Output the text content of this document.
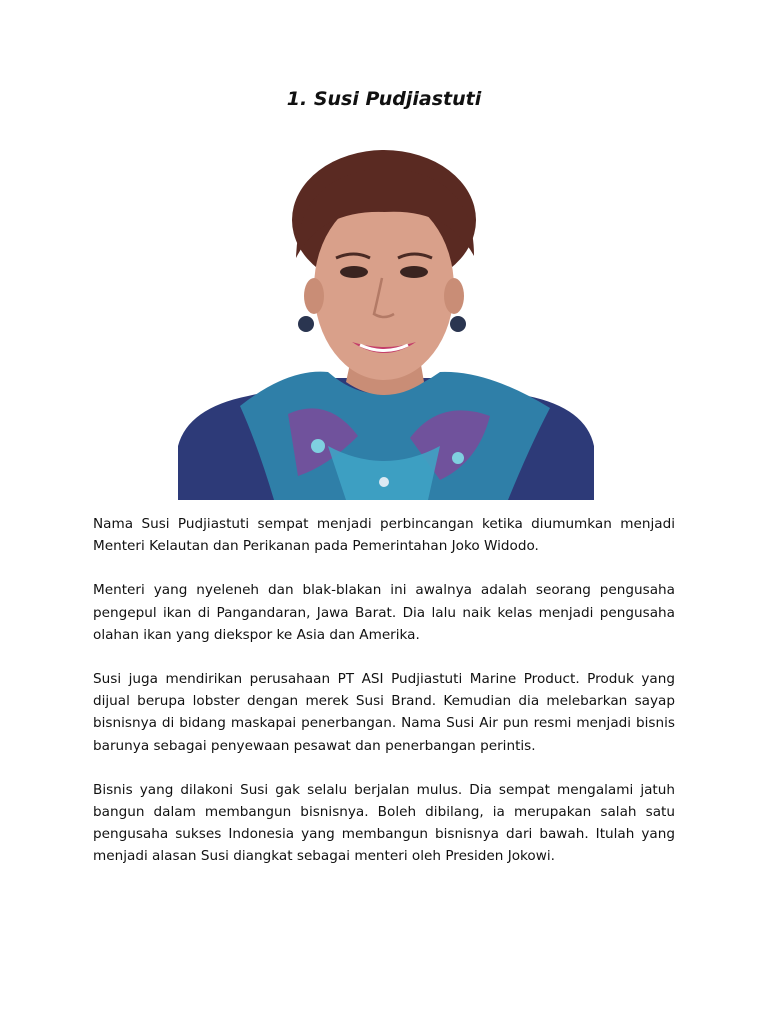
1. Susi Pudjiastuti

Nama Susi Pudjiastuti sempat menjadi perbincangan ketika diumumkan menjadi Menteri Kelautan dan Perikanan pada Pemerintahan Joko Widodo.

Menteri yang nyeleneh dan blak-blakan ini awalnya adalah seorang pengusaha pengepul ikan di Pangandaran, Jawa Barat. Dia lalu naik kelas menjadi pengusaha olahan ikan yang diekspor ke Asia dan Amerika.

Susi juga mendirikan perusahaan PT ASI Pudjiastuti Marine Product. Produk yang dijual berupa lobster dengan merek Susi Brand. Kemudian dia melebarkan sayap bisnisnya di bidang maskapai penerbangan. Nama Susi Air pun resmi menjadi bisnis barunya sebagai penyewaan pesawat dan penerbangan perintis.

Bisnis yang dilakoni Susi gak selalu berjalan mulus. Dia sempat mengalami jatuh bangun dalam membangun bisnisnya. Boleh dibilang, ia merupakan salah satu pengusaha sukses Indonesia yang membangun bisnisnya dari bawah. Itulah yang menjadi alasan Susi diangkat sebagai menteri oleh Presiden Jokowi.
